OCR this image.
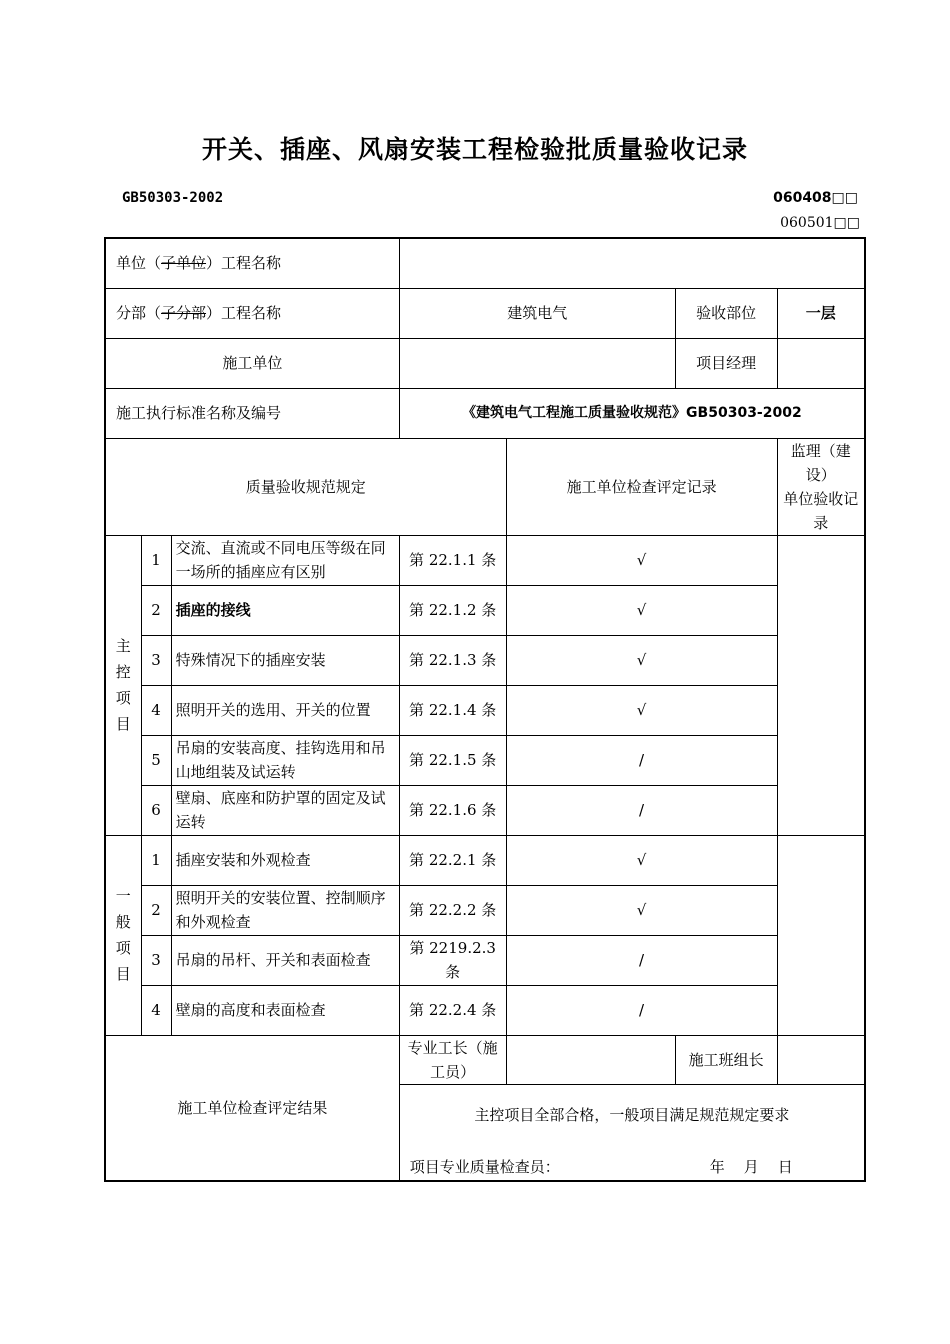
开关、插座、风扇安装工程检验批质量验收记录
GB50303-2002	060408□□
060501□□
单位（子单位）工程名称						
分部（子分部）工程名称			建筑电气		验收部位	一层
施工单位					项目经理	
施工执行标准名称及编号			《建筑电气工程施工质量验收规范》GB50303-2002			
质量验收规范规定				施工单位检查评定记录		监理（建设）
单位验收记录
主
控
项
目	1	交流、直流或不同电压等级在同一场所的插座应有区别	第 22.1.1 条	√		
	2	插座的接线	第 22.1.2 条	√		
	3	特殊情况下的插座安装	第 22.1.3 条	√		
	4	照明开关的选用、开关的位置	第 22.1.4 条	√		
	5	吊扇的安装高度、挂钩选用和吊山地组装及试运转	第 22.1.5 条	/		
	6	壁扇、底座和防护罩的固定及试运转	第 22.1.6 条	/		
一
般
项
目	1	插座安装和外观检查	第 22.2.1 条	√		
	2	照明开关的安装位置、控制顺序和外观检查	第 22.2.2 条	√		
	3	吊扇的吊杆、开关和表面检查	第 2219.2.3 条	/		
	4	壁扇的高度和表面检查	第 22.2.4 条	/		
施工单位检查评定结果			专业工长（施工员）		施工班组长	

			主控项目全部合格，一般项目满足规范规定要求
项目专业质量检查员： 年　月　日			
